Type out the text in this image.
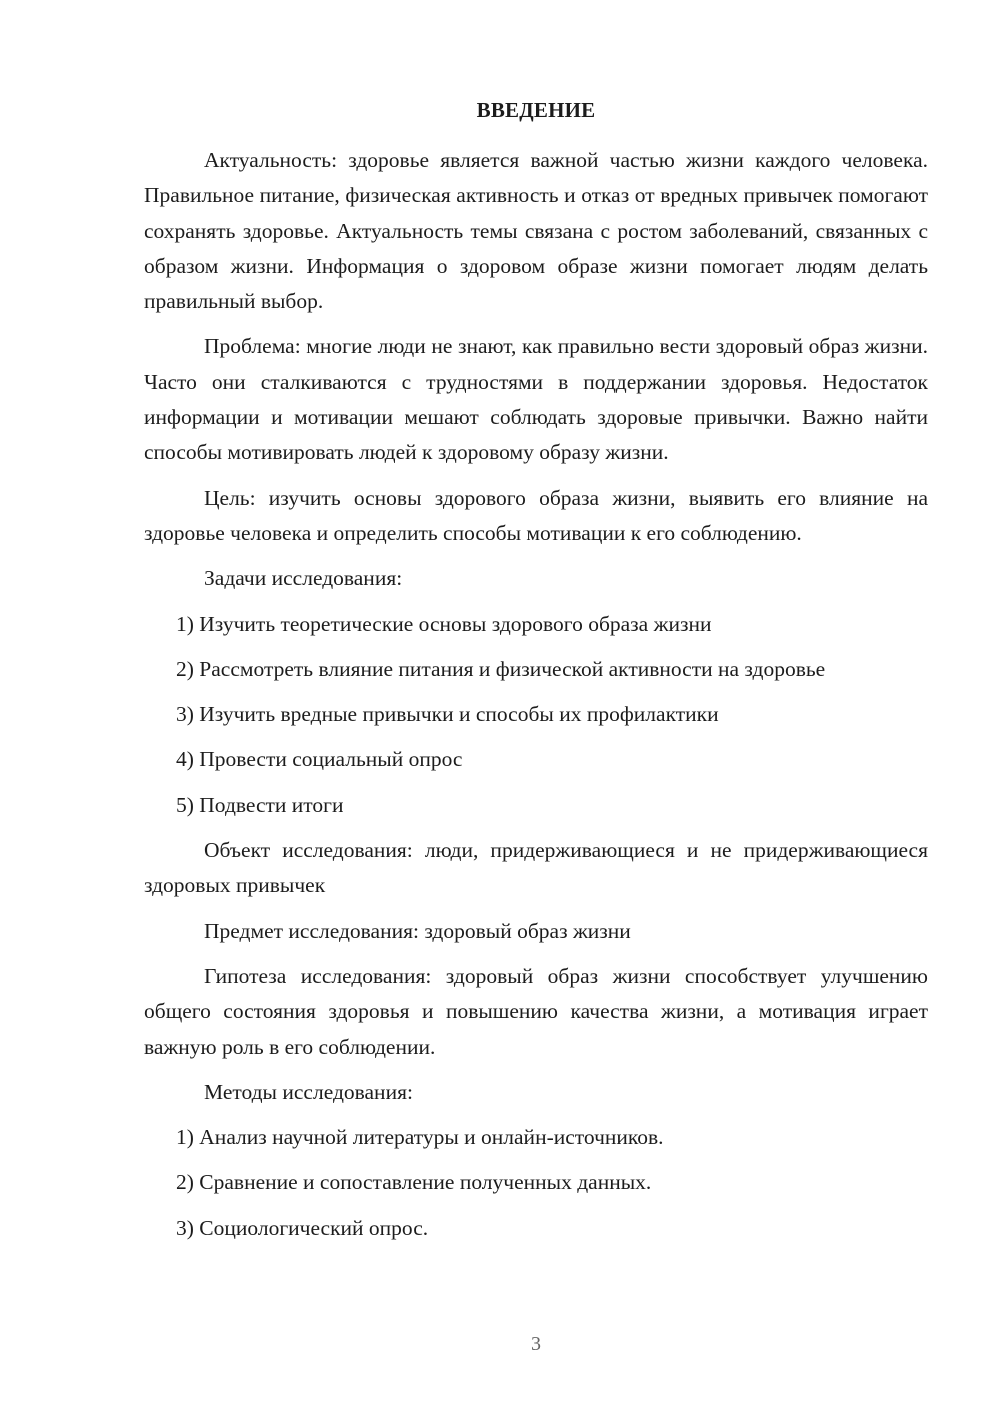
ВВЕДЕНИЕ

Актуальность: здоровье является важной частью жизни каждого человека. Правильное питание, физическая активность и отказ от вредных привычек помогают сохранять здоровье. Актуальность темы связана с ростом заболеваний, связанных с образом жизни. Информация о здоровом образе жизни помогает людям делать правильный выбор.

Проблема: многие люди не знают, как правильно вести здоровый образ жизни. Часто они сталкиваются с трудностями в поддержании здоровья. Недостаток информации и мотивации мешают соблюдать здоровые привычки. Важно найти способы мотивировать людей к здоровому образу жизни.

Цель: изучить основы здорового образа жизни, выявить его влияние на здоровье человека и определить способы мотивации к его соблюдению.

Задачи исследования:

1) Изучить теоретические основы здорового образа жизни
2) Рассмотреть влияние питания и физической активности на здоровье
3) Изучить вредные привычки и способы их профилактики
4) Провести социальный опрос
5) Подвести итоги

Объект исследования: люди, придерживающиеся и не придерживающиеся здоровых привычек

Предмет исследования: здоровый образ жизни

Гипотеза исследования: здоровый образ жизни способствует улучшению общего состояния здоровья и повышению качества жизни, а мотивация играет важную роль в его соблюдении.

Методы исследования:

1) Анализ научной литературы и онлайн-источников.
2) Сравнение и сопоставление полученных данных.
3) Социологический опрос.
3
